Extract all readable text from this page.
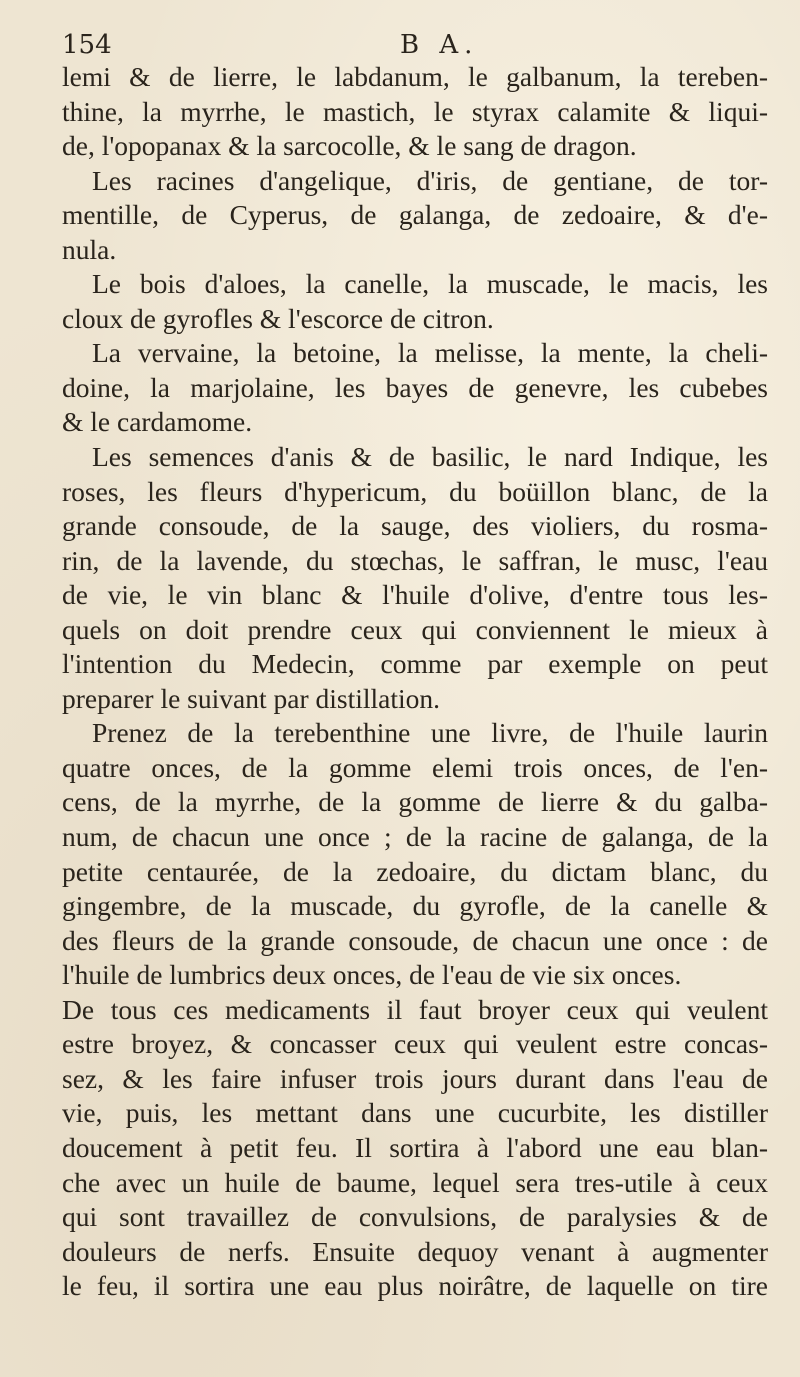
154	B A.
lemi & de lierre, le labdanum, le galbanum, la tereben-
thine, la myrrhe, le mastich, le styrax calamite & liqui-
de, l'opopanax & la sarcocolle, & le sang de dragon.
Les racines d'angelique, d'iris, de gentiane, de tor-
mentille, de Cyperus, de galanga, de zedoaire, & d'e-
nula.
Le bois d'aloes, la canelle, la muscade, le macis, les
cloux de gyrofles & l'escorce de citron.
La vervaine, la betoine, la melisse, la mente, la cheli-
doine, la marjolaine, les bayes de genevre, les cubebes
& le cardamome.
Les semences d'anis & de basilic, le nard Indique, les
roses, les fleurs d'hypericum, du boüillon blanc, de la
grande consoude, de la sauge, des violiers, du rosma-
rin, de la lavende, du stœchas, le saffran, le musc, l'eau
de vie, le vin blanc & l'huile d'olive, d'entre tous les-
quels on doit prendre ceux qui conviennent le mieux à
l'intention du Medecin, comme par exemple on peut
preparer le suivant par distillation.
Prenez de la terebenthine une livre, de l'huile laurin
quatre onces, de la gomme elemi trois onces, de l'en-
cens, de la myrrhe, de la gomme de lierre & du galba-
num, de chacun une once ; de la racine de galanga, de la
petite centaurée, de la zedoaire, du dictam blanc, du
gingembre, de la muscade, du gyrofle, de la canelle &
des fleurs de la grande consoude, de chacun une once : de
l'huile de lumbrics deux onces, de l'eau de vie six onces.
De tous ces medicaments il faut broyer ceux qui veulent
estre broyez, & concasser ceux qui veulent estre concas-
sez, & les faire infuser trois jours durant dans l'eau de
vie, puis, les mettant dans une cucurbite, les distiller
doucement à petit feu. Il sortira à l'abord une eau blan-
che avec un huile de baume, lequel sera tres-utile à ceux
qui sont travaillez de convulsions, de paralysies & de
douleurs de nerfs. Ensuite dequoy venant à augmenter
le feu, il sortira une eau plus noirâtre, de laquelle on tire
